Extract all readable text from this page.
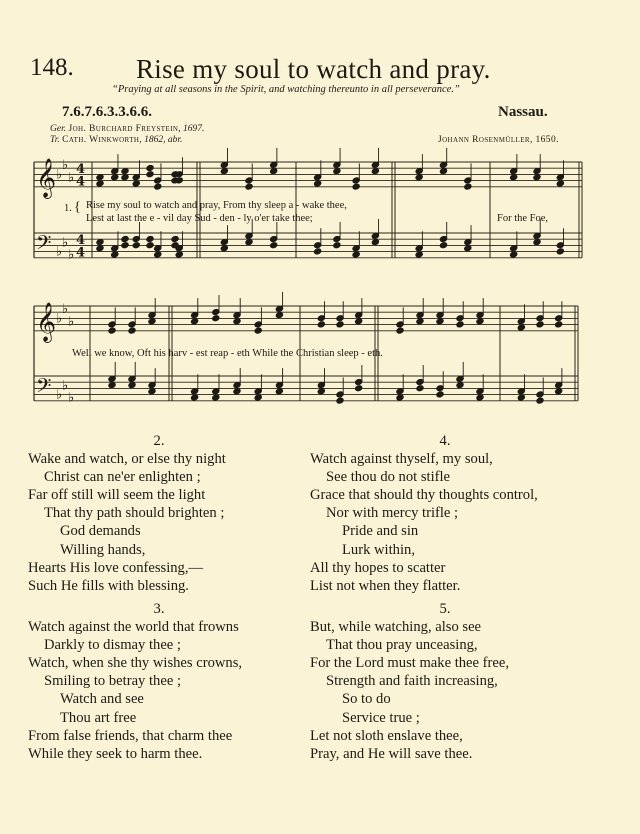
148. Rise my soul to watch and pray.
“Praying at all seasons in the Spirit, and watching thereunto in all perseverance.”
7.6.7.6.3.3.6.6.	Nassau.
Ger. Joh. Burchard Freystein, 1697.
Tr. Cath. Winkworth, 1862, abr.	Johann Rosenmüller, 1650.
𝄞 ♭
♭
♭
4
4
𝄢 ♭
♭
♭
4
4
𝄞 ♭
♭
♭
𝄢 ♭
♭
♭
1. { Rise my soul to watch and pray, From thy sleep a - wake thee,
Lest at last the e - vil day Sud - den - ly o'er take thee;	For the Foe,
Well we know, Oft his harv - est reap - eth While the Christian sleep - eth.
2.
Wake and watch, or else thy night
Christ can ne'er enlighten ;
Far off still will seem the light
That thy path should brighten ;
God demands
Willing hands,
Hearts His love confessing,—
Such He fills with blessing.
3.
Watch against the world that frowns
Darkly to dismay thee ;
Watch, when she thy wishes crowns,
Smiling to betray thee ;
Watch and see
Thou art free
From false friends, that charm thee
While they seek to harm thee.
4.
Watch against thyself, my soul,
See thou do not stifle
Grace that should thy thoughts control,
Nor with mercy trifle ;
Pride and sin
Lurk within,
All thy hopes to scatter
List not when they flatter.
5.
But, while watching, also see
That thou pray unceasing,
For the Lord must make thee free,
Strength and faith increasing,
So to do
Service true ;
Let not sloth enslave thee,
Pray, and He will save thee.
